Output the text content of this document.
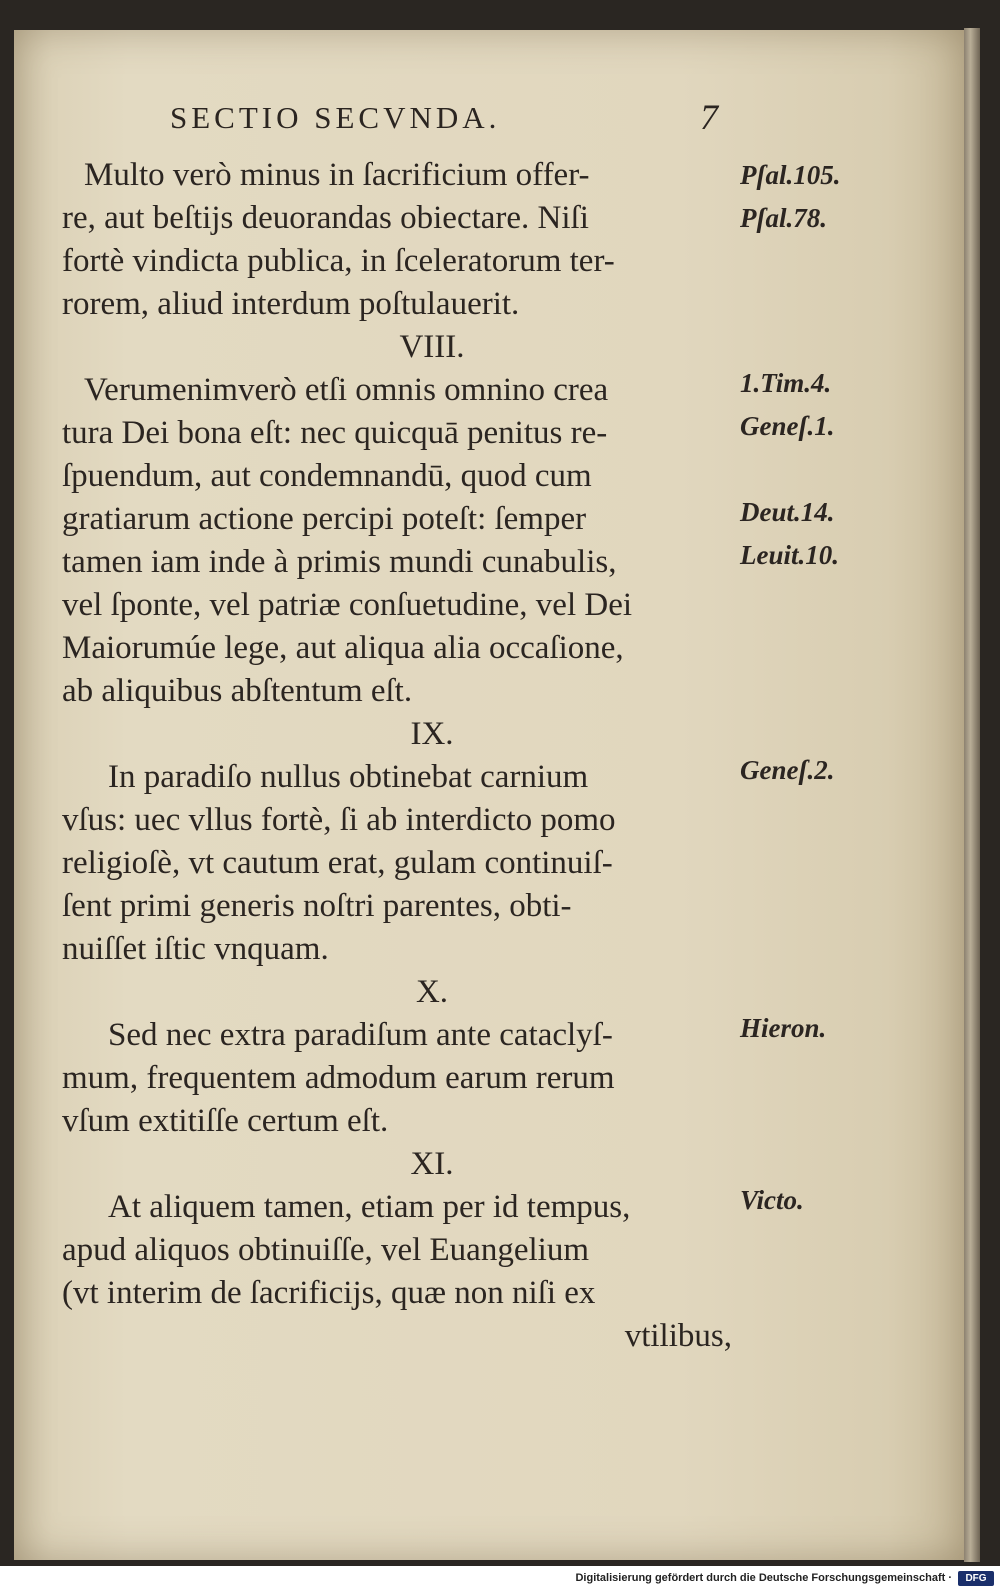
SECTIO SECVNDA.	7
Multo verò minus in ſacrificium offer-
re, aut beſtijs deuorandas obiectare. Niſi
fortè vindicta publica, in ſceleratorum ter-
rorem, aliud interdum poſtulauerit.
VIII.
Verumenimverò etſi omnis omnino crea
tura Dei bona eſt: nec quicquā penitus re-
ſpuendum, aut condemnandū, quod cum
gratiarum actione percipi poteſt: ſemper
tamen iam inde à primis mundi cunabulis,
vel ſponte, vel patriæ conſuetudine, vel Dei
Maiorumúe lege, aut aliqua alia occaſione,
ab aliquibus abſtentum eſt.
IX.
In paradiſo nullus obtinebat carnium
vſus: uec vllus fortè, ſi ab interdicto pomo
religioſè, vt cautum erat, gulam continuiſ-
ſent primi generis noſtri parentes, obti-
nuiſſet iſtic vnquam.
X.
Sed nec extra paradiſum ante cataclyſ-
mum, frequentem admodum earum rerum
vſum extitiſſe certum eſt.
XI.
At aliquem tamen, etiam per id tempus,
apud aliquos obtinuiſſe, vel Euangelium
(vt interim de ſacrificijs, quæ non niſi ex
vtilibus,
Pſal.105.
Pſal.78.
1.Tim.4.
Geneſ.1.
Deut.14.
Leuit.10.
Geneſ.2.
Hieron.
Victo.
Digitalisierung gefördert durch die Deutsche Forschungsgemeinschaft ·	DFG
